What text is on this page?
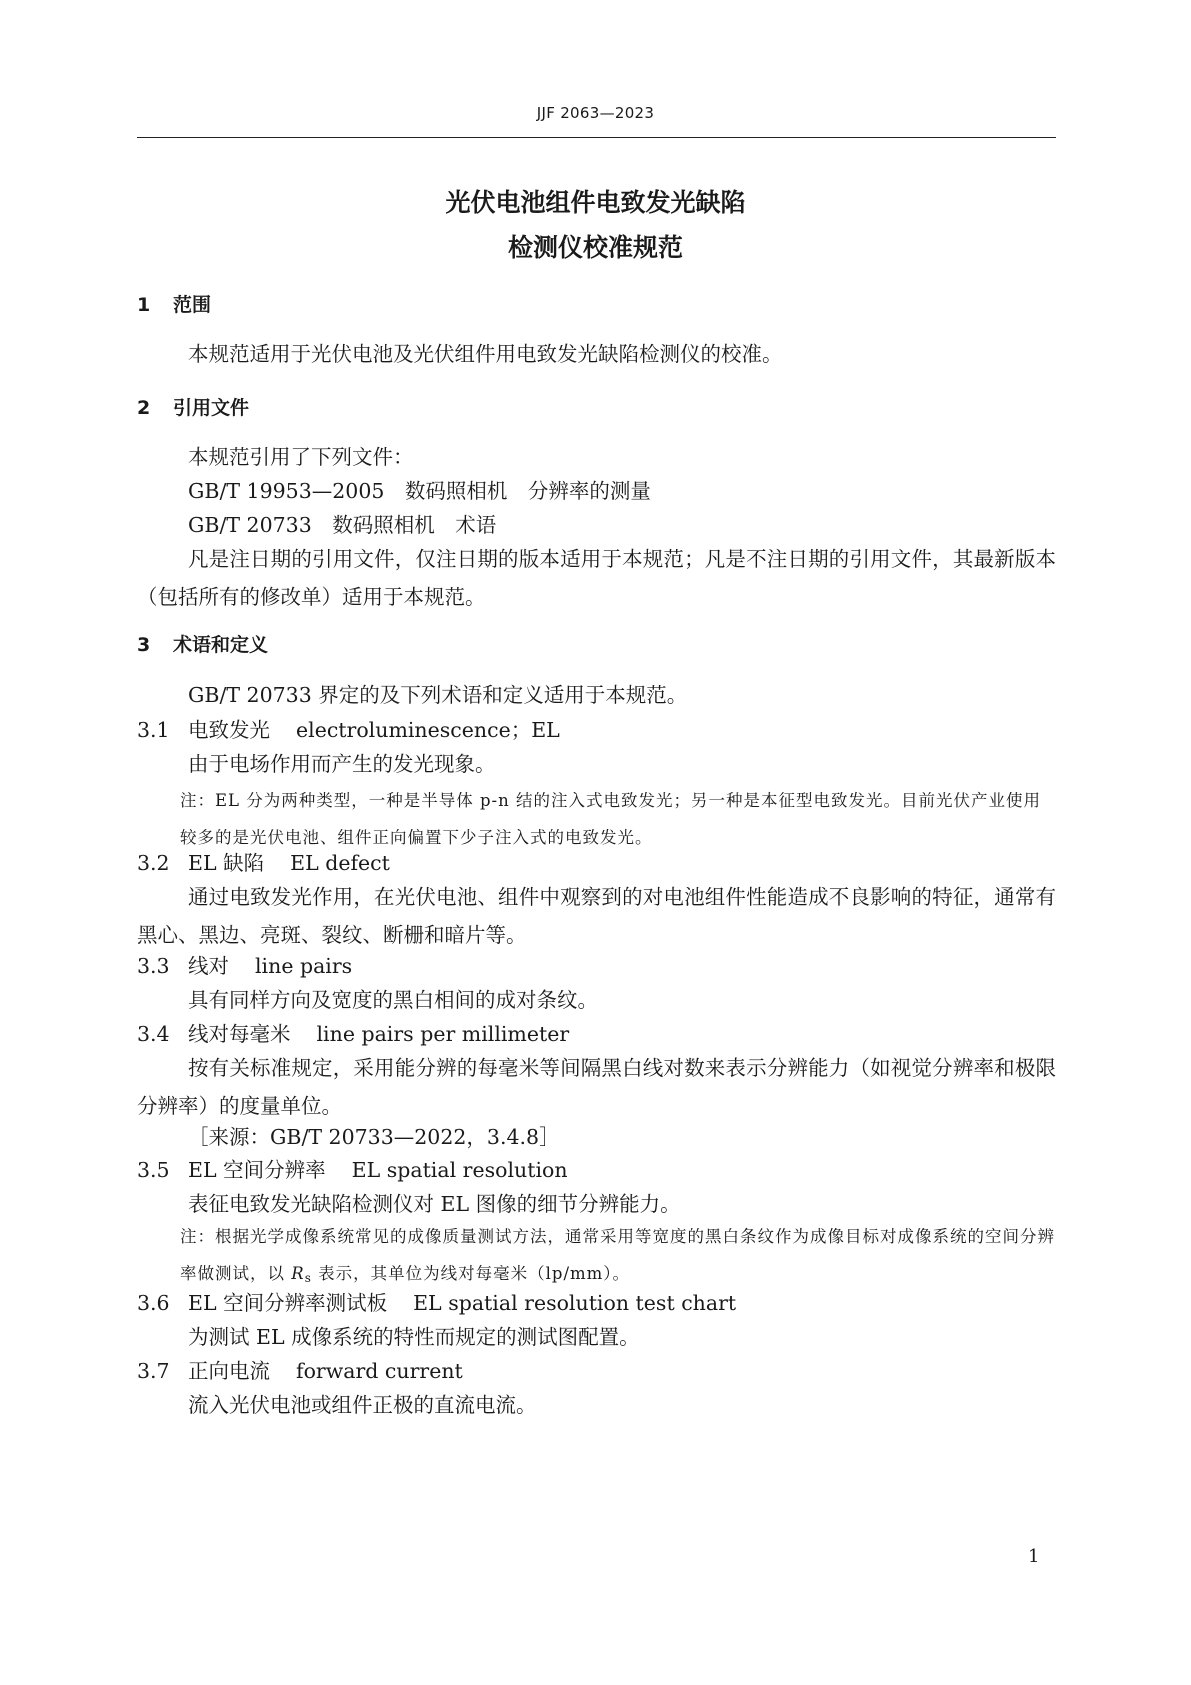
JJF 2063—2023
光伏电池组件电致发光缺陷
检测仪校准规范
1 范围
本规范适用于光伏电池及光伏组件用电致发光缺陷检测仪的校准。
2 引用文件
本规范引用了下列文件：
GB/T 19953—2005　数码照相机　分辨率的测量
GB/T 20733　数码照相机　术语
凡是注日期的引用文件，仅注日期的版本适用于本规范；凡是不注日期的引用文件，其最新版本（包括所有的修改单）适用于本规范。
3 术语和定义
GB/T 20733 界定的及下列术语和定义适用于本规范。
3.1 电致发光 electroluminescence；EL
由于电场作用而产生的发光现象。
注：EL 分为两种类型，一种是半导体 p-n 结的注入式电致发光；另一种是本征型电致发光。目前光伏产业使用较多的是光伏电池、组件正向偏置下少子注入式的电致发光。
3.2 EL 缺陷 EL defect
通过电致发光作用，在光伏电池、组件中观察到的对电池组件性能造成不良影响的特征，通常有黑心、黑边、亮斑、裂纹、断栅和暗片等。
3.3 线对 line pairs
具有同样方向及宽度的黑白相间的成对条纹。
3.4 线对每毫米 line pairs per millimeter
按有关标准规定，采用能分辨的每毫米等间隔黑白线对数来表示分辨能力（如视觉分辨率和极限分辨率）的度量单位。
［来源：GB/T 20733—2022，3.4.8］
3.5 EL 空间分辨率 EL spatial resolution
表征电致发光缺陷检测仪对 EL 图像的细节分辨能力。
注：根据光学成像系统常见的成像质量测试方法，通常采用等宽度的黑白条纹作为成像目标对成像系统的空间分辨率做测试，以 $R_s$ 表示，其单位为线对每毫米（lp/mm）。
3.6 EL 空间分辨率测试板 EL spatial resolution test chart
为测试 EL 成像系统的特性而规定的测试图配置。
3.7 正向电流 forward current
流入光伏电池或组件正极的直流电流。
1
